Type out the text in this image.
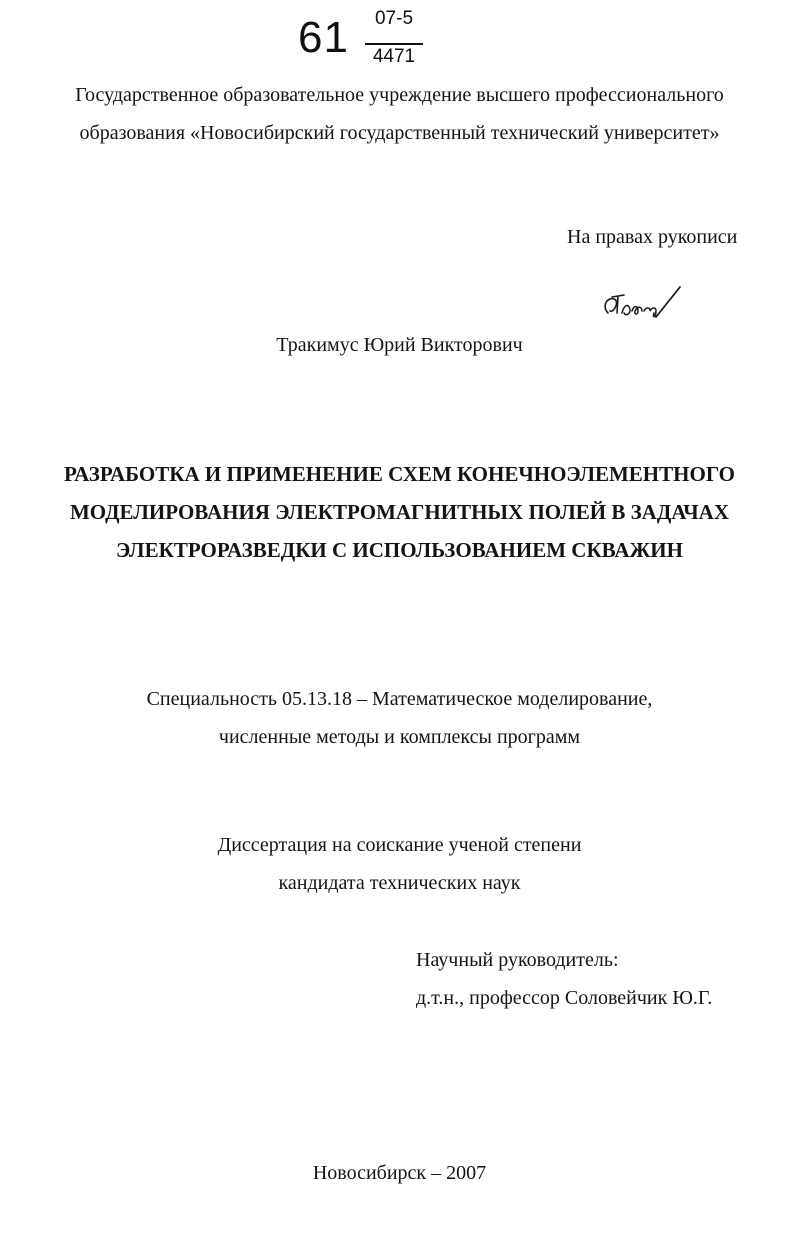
61	07-5
4471
Государственное образовательное учреждение высшего профессионального
образования «Новосибирский государственный технический университет»
На правах рукописи
Тракимус Юрий Викторович
РАЗРАБОТКА И ПРИМЕНЕНИЕ СХЕМ КОНЕЧНОЭЛЕМЕНТНОГО
МОДЕЛИРОВАНИЯ ЭЛЕКТРОМАГНИТНЫХ ПОЛЕЙ В ЗАДАЧАХ
ЭЛЕКТРОРАЗВЕДКИ С ИСПОЛЬЗОВАНИЕМ СКВАЖИН
Специальность 05.13.18 – Математическое моделирование,
численные методы и комплексы программ
Диссертация на соискание ученой степени
кандидата технических наук
Научный руководитель:
д.т.н., профессор Соловейчик Ю.Г.
Новосибирск – 2007
